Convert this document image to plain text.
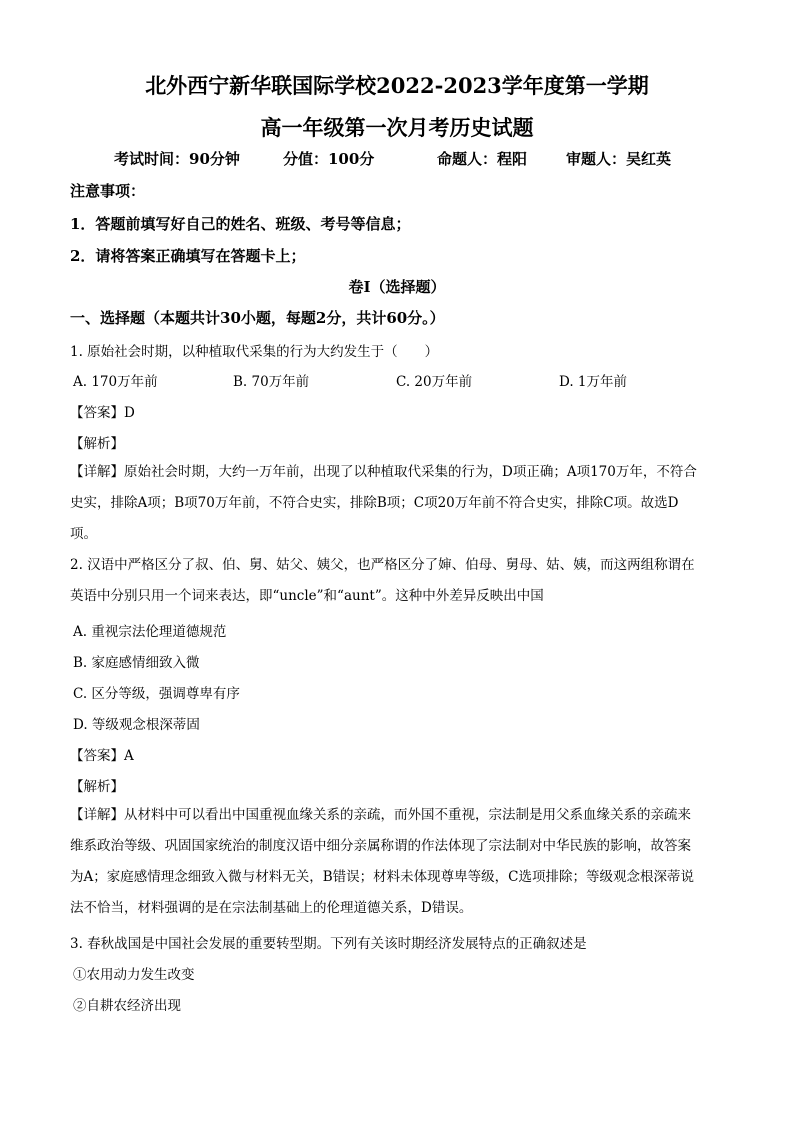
北外西宁新华联国际学校2022-2023学年度第一学期
高一年级第一次月考历史试题
考试时间：90分钟	分值：100分	命题人：程阳	审题人：吴红英
注意事项：
1．答题前填写好自己的姓名、班级、考号等信息；
2．请将答案正确填写在答题卡上；
卷I（选择题）
一、选择题（本题共计30小题，每题2分，共计60分。）
1. 原始社会时期，以种植取代采集的行为大约发生于（　　）
A. 170万年前	B. 70万年前	C. 20万年前	D. 1万年前
【答案】D
【解析】
【详解】原始社会时期，大约一万年前，出现了以种植取代采集的行为，D项正确；A项170万年，不符合
史实，排除A项；B项70万年前，不符合史实，排除B项；C项20万年前不符合史实，排除C项。故选D
项。
2. 汉语中严格区分了叔、伯、舅、姑父、姨父，也严格区分了婶、伯母、舅母、姑、姨，而这两组称谓在
英语中分别只用一个词来表达，即“uncle”和“aunt”。这种中外差异反映出中国
A. 重视宗法伦理道德规范
B. 家庭感情细致入微
C. 区分等级，强调尊卑有序
D. 等级观念根深蒂固
【答案】A
【解析】
【详解】从材料中可以看出中国重视血缘关系的亲疏，而外国不重视，宗法制是用父系血缘关系的亲疏来
维系政治等级、巩固国家统治的制度汉语中细分亲属称谓的作法体现了宗法制对中华民族的影响，故答案
为A；家庭感情理念细致入微与材料无关，B错误；材料未体现尊卑等级，C选项排除；等级观念根深蒂说
法不恰当，材料强调的是在宗法制基础上的伦理道德关系，D错误。
3. 春秋战国是中国社会发展的重要转型期。下列有关该时期经济发展特点的正确叙述是
①农用动力发生改变
②自耕农经济出现
